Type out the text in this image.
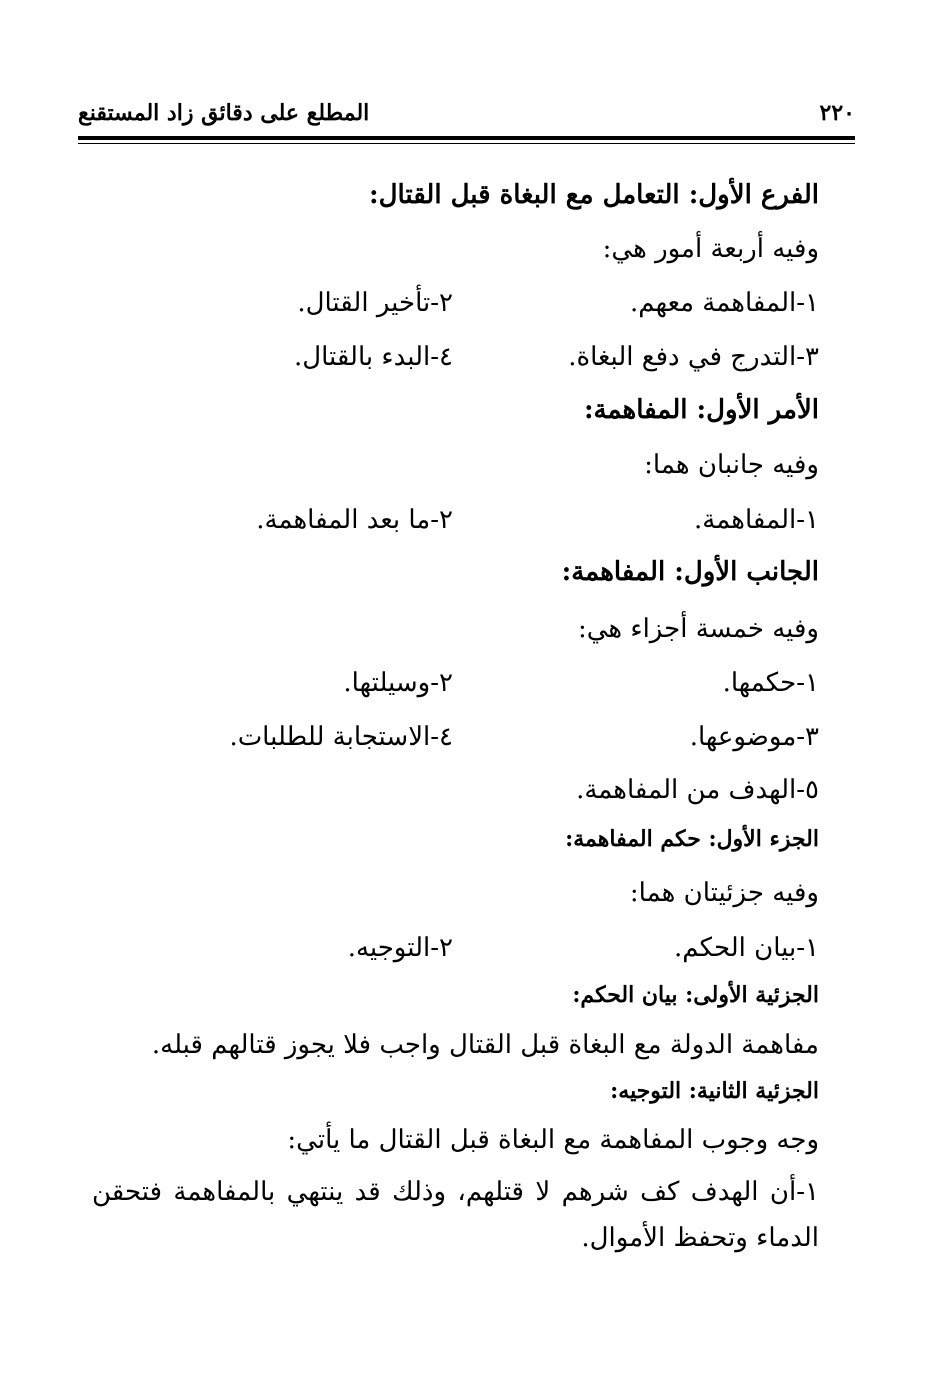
٢٢٠
المطلع على دقائق زاد المستقنع
الفرع الأول: التعامل مع البغاة قبل القتال:
وفيه أربعة أمور هي:
١-المفاهمة معهم.
٢-تأخير القتال.
٣-التدرج في دفع البغاة.
٤-البدء بالقتال.
الأمر الأول: المفاهمة:
وفيه جانبان هما:
١-المفاهمة.
٢-ما بعد المفاهمة.
الجانب الأول: المفاهمة:
وفيه خمسة أجزاء هي:
١-حكمها.
٢-وسيلتها.
٣-موضوعها.
٤-الاستجابة للطلبات.
٥-الهدف من المفاهمة.
الجزء الأول: حكم المفاهمة:
وفيه جزئيتان هما:
١-بيان الحكم.
٢-التوجيه.
الجزئية الأولى: بيان الحكم:
مفاهمة الدولة مع البغاة قبل القتال واجب فلا يجوز قتالهم قبله.
الجزئية الثانية: التوجيه:
وجه وجوب المفاهمة مع البغاة قبل القتال ما يأتي:
١-أن الهدف كف شرهم لا قتلهم، وذلك قد ينتهي بالمفاهمة فتحقن الدماء وتحفظ الأموال.
